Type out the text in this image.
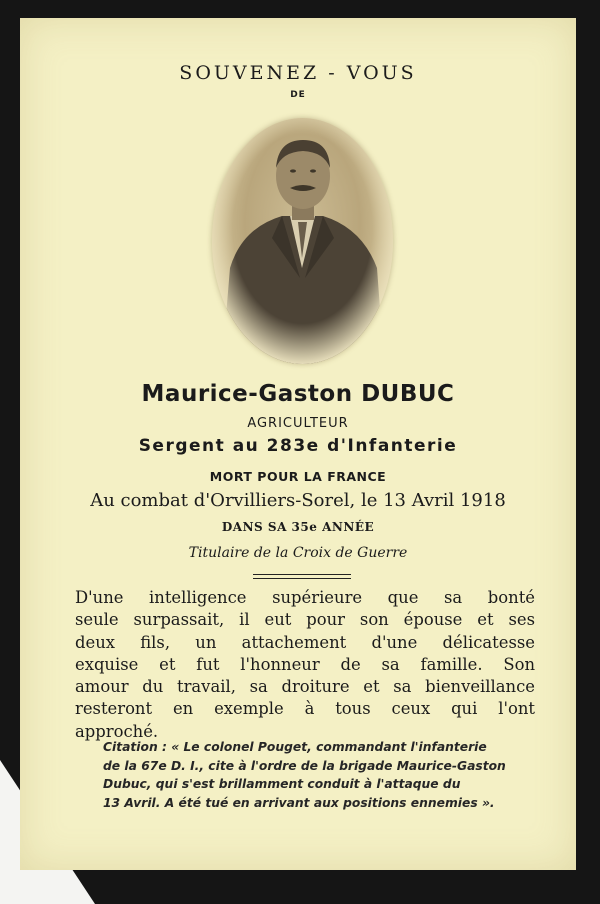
SOUVENEZ - VOUS
DE
Maurice-Gaston DUBUC
AGRICULTEUR
Sergent au 283e d'Infanterie
MORT POUR LA FRANCE
Au combat d'Orvilliers-Sorel, le 13 Avril 1918
DANS SA 35e ANNÉE
Titulaire de la Croix de Guerre
D'une intelligence supérieure que sa bonté
seule surpassait, il eut pour son épouse et ses
deux fils, un attachement d'une délicatesse
exquise et fut l'honneur de sa famille. Son
amour du travail, sa droiture et sa bienveillance
resteront en exemple à tous ceux qui l'ont
approché.
Citation : « Le colonel Pouget, commandant l'infanterie
de la 67e D. I., cite à l'ordre de la brigade Maurice-Gaston
Dubuc, qui s'est brillamment conduit à l'attaque du
13 Avril. A été tué en arrivant aux positions ennemies ».
